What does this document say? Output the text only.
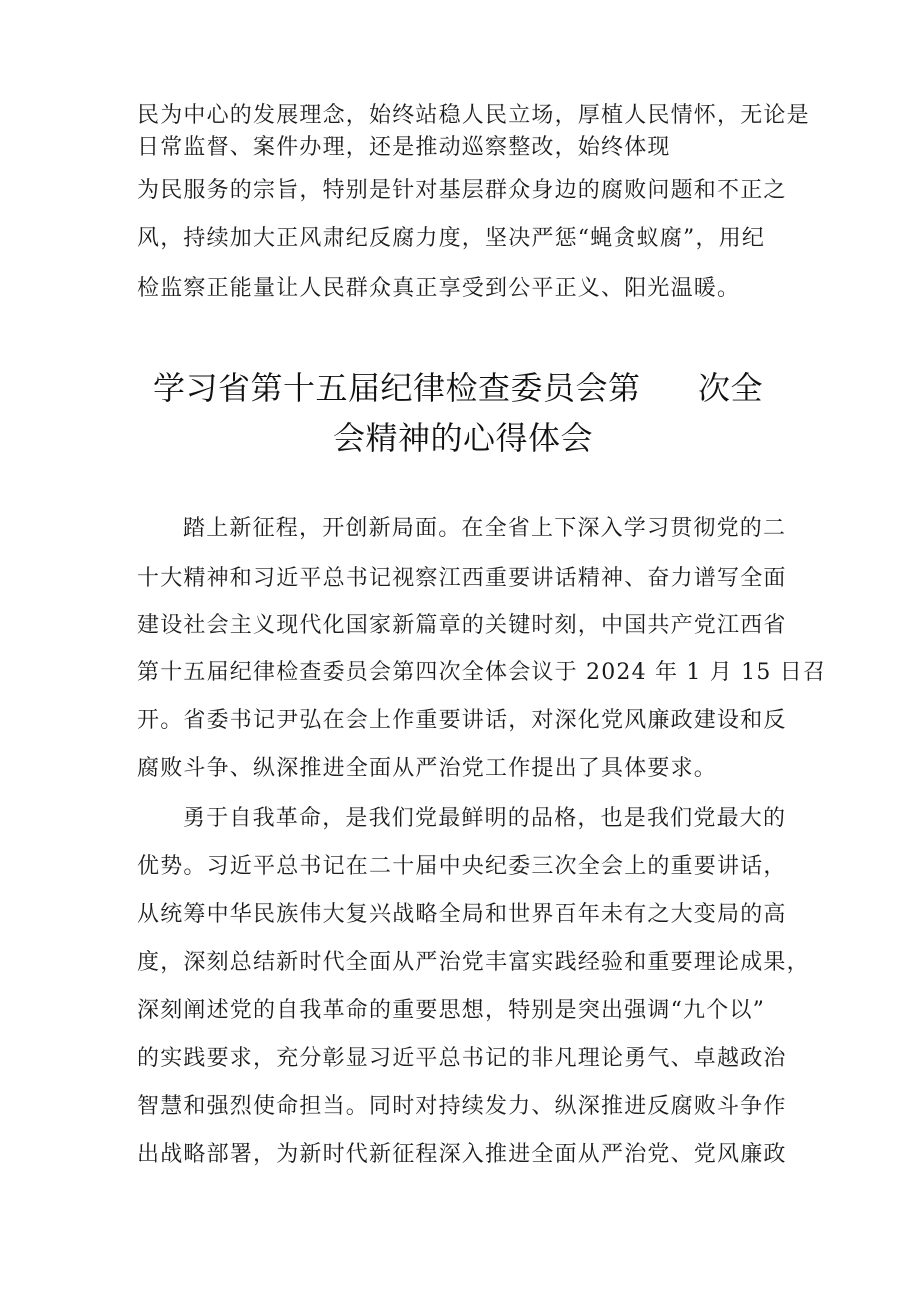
民为中心的发展理念，始终站稳人民立场，厚植人民情怀，无论是
日常监督、案件办理，还是推动巡察整改，始终体现
为民服务的宗旨，特别是针对基层群众身边的腐败问题和不正之
风，持续加大正风肃纪反腐力度，坚决严惩“蝇贪蚁腐”，用纪
检监察正能量让人民群众真正享受到公平正义、阳光温暖。
学习省第十五届纪律检查委员会第 次全
会精神的心得体会
踏上新征程，开创新局面。在全省上下深入学习贯彻党的二
十大精神和习近平总书记视察江西重要讲话精神、奋力谱写全面
建设社会主义现代化国家新篇章的关键时刻，中国共产党江西省
第十五届纪律检查委员会第四次全体会议于 2024 年 1 月 15 日召
开。省委书记尹弘在会上作重要讲话，对深化党风廉政建设和反
腐败斗争、纵深推进全面从严治党工作提出了具体要求。
勇于自我革命，是我们党最鲜明的品格，也是我们党最大的
优势。习近平总书记在二十届中央纪委三次全会上的重要讲话，
从统筹中华民族伟大复兴战略全局和世界百年未有之大变局的高
度，深刻总结新时代全面从严治党丰富实践经验和重要理论成果，
深刻阐述党的自我革命的重要思想，特别是突出强调“九个以”
的实践要求，充分彰显习近平总书记的非凡理论勇气、卓越政治
智慧和强烈使命担当。同时对持续发力、纵深推进反腐败斗争作
出战略部署，为新时代新征程深入推进全面从严治党、党风廉政
